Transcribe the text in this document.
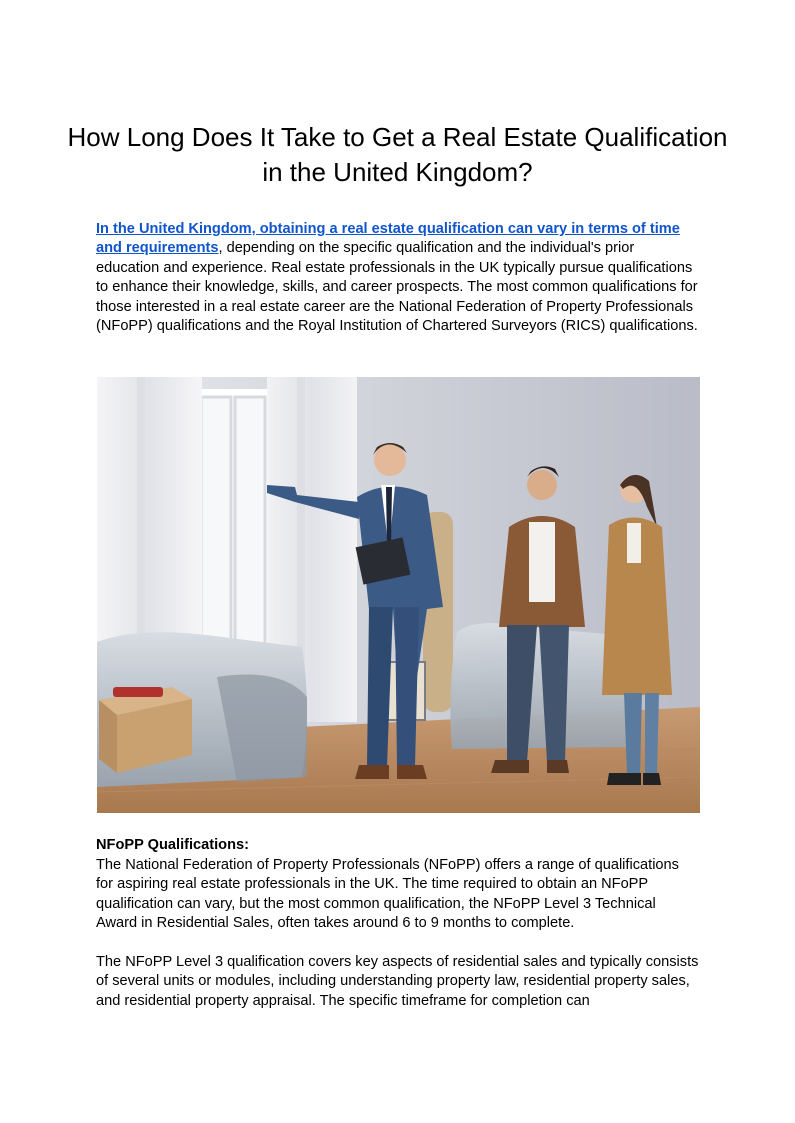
How Long Does It Take to Get a Real Estate Qualification in the United Kingdom?

In the United Kingdom, obtaining a real estate qualification can vary in terms of time and requirements, depending on the specific qualification and the individual's prior education and experience. Real estate professionals in the UK typically pursue qualifications to enhance their knowledge, skills, and career prospects. The most common qualifications for those interested in a real estate career are the National Federation of Property Professionals (NFoPP) qualifications and the Royal Institution of Chartered Surveyors (RICS) qualifications.

NFoPP Qualifications:

The National Federation of Property Professionals (NFoPP) offers a range of qualifications for aspiring real estate professionals in the UK. The time required to obtain an NFoPP qualification can vary, but the most common qualification, the NFoPP Level 3 Technical Award in Residential Sales, often takes around 6 to 9 months to complete.

The NFoPP Level 3 qualification covers key aspects of residential sales and typically consists of several units or modules, including understanding property law, residential property sales, and residential property appraisal. The specific timeframe for completion can
